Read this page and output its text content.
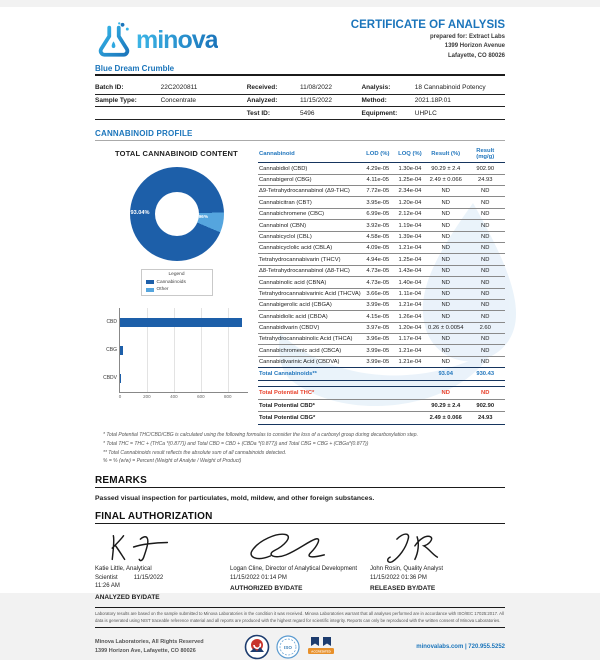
minova
CERTIFICATE OF ANALYSIS
prepared for: Extract Labs
1399 Horizon Avenue
Lafayette, CO 80026
Blue Dream Crumble
Batch ID:	22C2020811	Received:	11/08/2022	Analysis:	18 Cannabinoid Potency
Sample Type:	Concentrate	Analyzed:	11/15/2022	Method:	2021.18P.01
		Test ID:	5496	Equipment:	UHPLC
CANNABINOID PROFILE
TOTAL CANNABINOID CONTENT
93.04%
6.96%
Legend
Cannabinoids
Other
0	200	400	600	800
CBD
CBG
CBDV
Cannabinoid	LOD (%)	LOQ (%)	Result (%)	Result (mg/g)
Cannabidiol (CBD)	4.29e-05	1.30e-04	90.29 ± 2.4	902.90
Cannabigerol (CBG)	4.11e-05	1.25e-04	2.49 ± 0.066	24.93
Δ9-Tetrahydrocannabinol (Δ9-THC)	7.72e-05	2.34e-04	ND	ND
Cannabicitran (CBT)	3.95e-05	1.20e-04	ND	ND
Cannabichromene (CBC)	6.99e-05	2.12e-04	ND	ND
Cannabinol (CBN)	3.92e-05	1.19e-04	ND	ND
Cannabicyclol (CBL)	4.58e-05	1.39e-04	ND	ND
Cannabicyclolic acid (CBLA)	4.09e-05	1.21e-04	ND	ND
Tetrahydrocannabivarin (THCV)	4.94e-05	1.25e-04	ND	ND
Δ8-Tetrahydrocannabinol (Δ8-THC)	4.73e-05	1.43e-04	ND	ND
Cannabinolic acid (CBNA)	4.73e-05	1.40e-04	ND	ND
Tetrahydrocannabivarinic Acid (THCVA)	3.66e-05	1.11e-04	ND	ND
Cannabigerolic acid (CBGA)	3.99e-05	1.21e-04	ND	ND
Cannabidiolic acid (CBDA)	4.15e-05	1.26e-04	ND	ND
Cannabidivarin (CBDV)	3.97e-05	1.20e-04	0.26 ± 0.0054	2.60
Tetrahydrocannabinolic Acid (THCA)	3.96e-05	1.17e-04	ND	ND
Cannabichromenic acid (CBCA)	3.99e-05	1.21e-04	ND	ND
Cannabidivarinic Acid (CBDVA)	3.99e-05	1.21e-04	ND	ND
Total Cannabinoids**			93.04	930.43

Total Potential THC*			ND	ND
Total Potential CBD*			90.29 ± 2.4	902.90
Total Potential CBG*			2.49 ± 0.066	24.93
* Total Potential THC/CBD/CBG is calculated using the following formulas to consider the loss of a carboxyl group during decarboxylation step.
* Total THC = THC + (THCa *(0.877)) and Total CBD = CBD + (CBDa *(0.877)) and Total CBG = CBG + (CBGa*(0.877))
** Total Cannabinoids result reflects the absolute sum of all cannabinoids detected.
% = % (w/w) = Percent (Weight of Analyte / Weight of Product)
REMARKS
Passed visual inspection for particulates, mold, mildew, and other foreign substances.
FINAL AUTHORIZATION
Katie Little, Analytical Scientist	11/15/2022
11:26 AM
ANALYZED BY/DATE
Logan Cline, Director of Analytical Development
11/15/2022 01:14 PM
AUTHORIZED BY/DATE
John Rosin, Quality Analyst
11/15/2022 01:36 PM
RELEASED BY/DATE
Laboratory results are based on the sample submitted to Minova Laboratories in the condition it was received. Minova Laboratories warrant that all analyses performed are in accordance with ISO/IEC 17025:2017. All data is generated using NIST traceable reference material and all reports are produced with the highest regard for scientific integrity. Reports can only be reproduced with the written consent of Minova Laboratories.
Minova Laboratories, All Rights Reserved
1399 Horizon Ave, Lafayette, CO 80026
ISO
ACCREDITED
minovalabs.com | 720.955.5252
